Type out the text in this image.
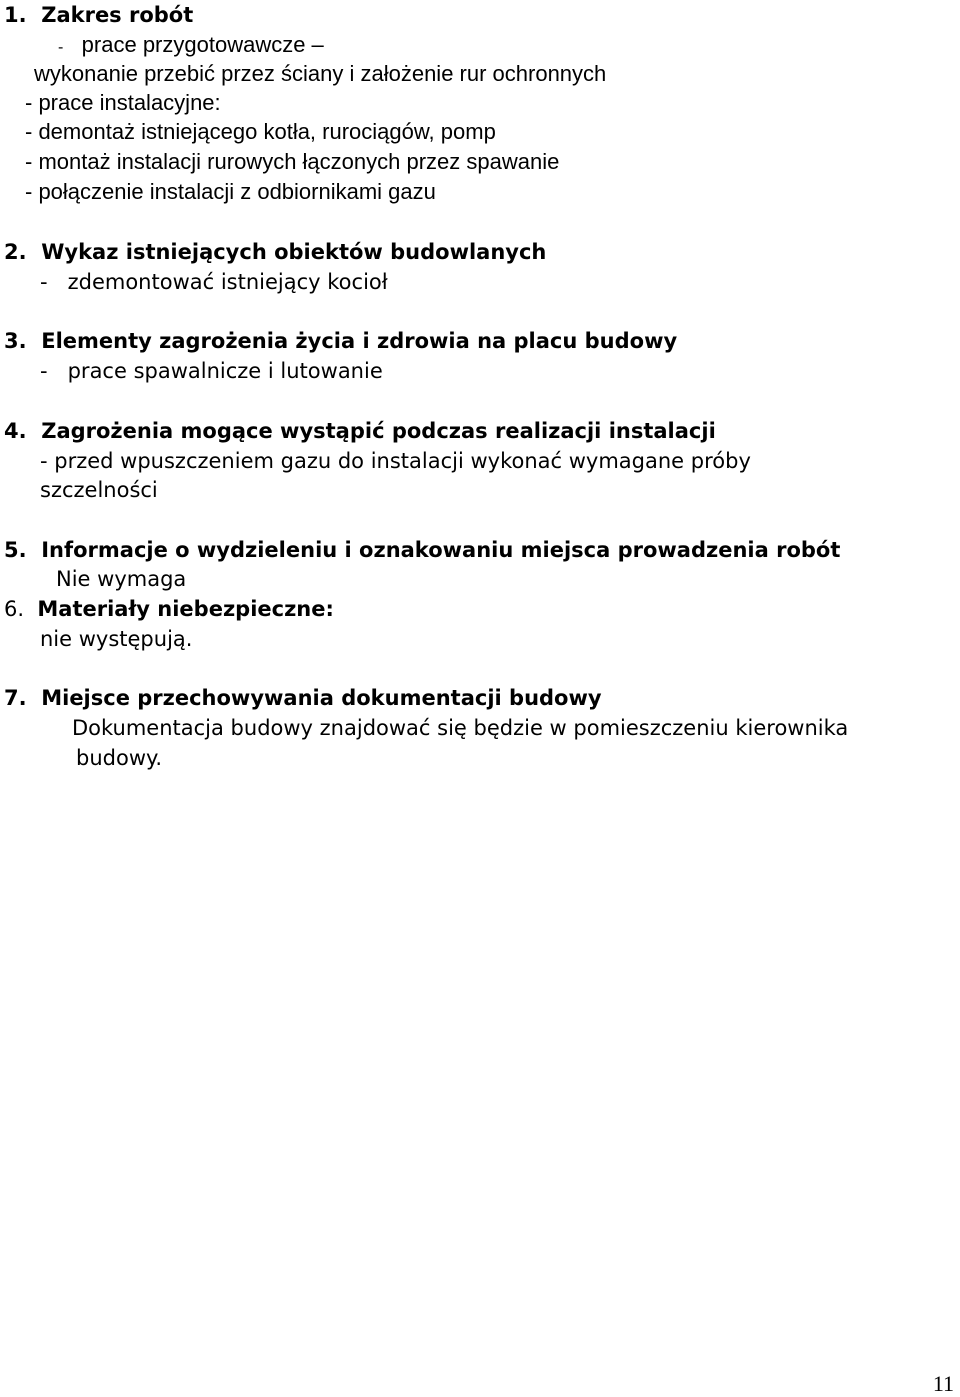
1. Zakres robót
- prace przygotowawcze –
wykonanie przebić przez ściany i założenie rur ochronnych
- prace instalacyjne:
- demontaż istniejącego kotła, rurociągów, pomp
- montaż instalacji rurowych łączonych przez spawanie
- połączenie instalacji z odbiornikami gazu
2. Wykaz istniejących obiektów budowlanych
-   zdemontować istniejący kocioł
3. Elementy zagrożenia życia i zdrowia na placu budowy
-   prace spawalnicze i lutowanie
4. Zagrożenia mogące wystąpić podczas realizacji instalacji
- przed wpuszczeniem gazu do instalacji wykonać wymagane próby
szczelności
5. Informacje o wydzieleniu i oznakowaniu miejsca prowadzenia robót
Nie wymaga
6. Materiały niebezpieczne:
nie występują.
7. Miejsce przechowywania dokumentacji budowy
Dokumentacja budowy znajdować się będzie w pomieszczeniu kierownika
budowy.
11
